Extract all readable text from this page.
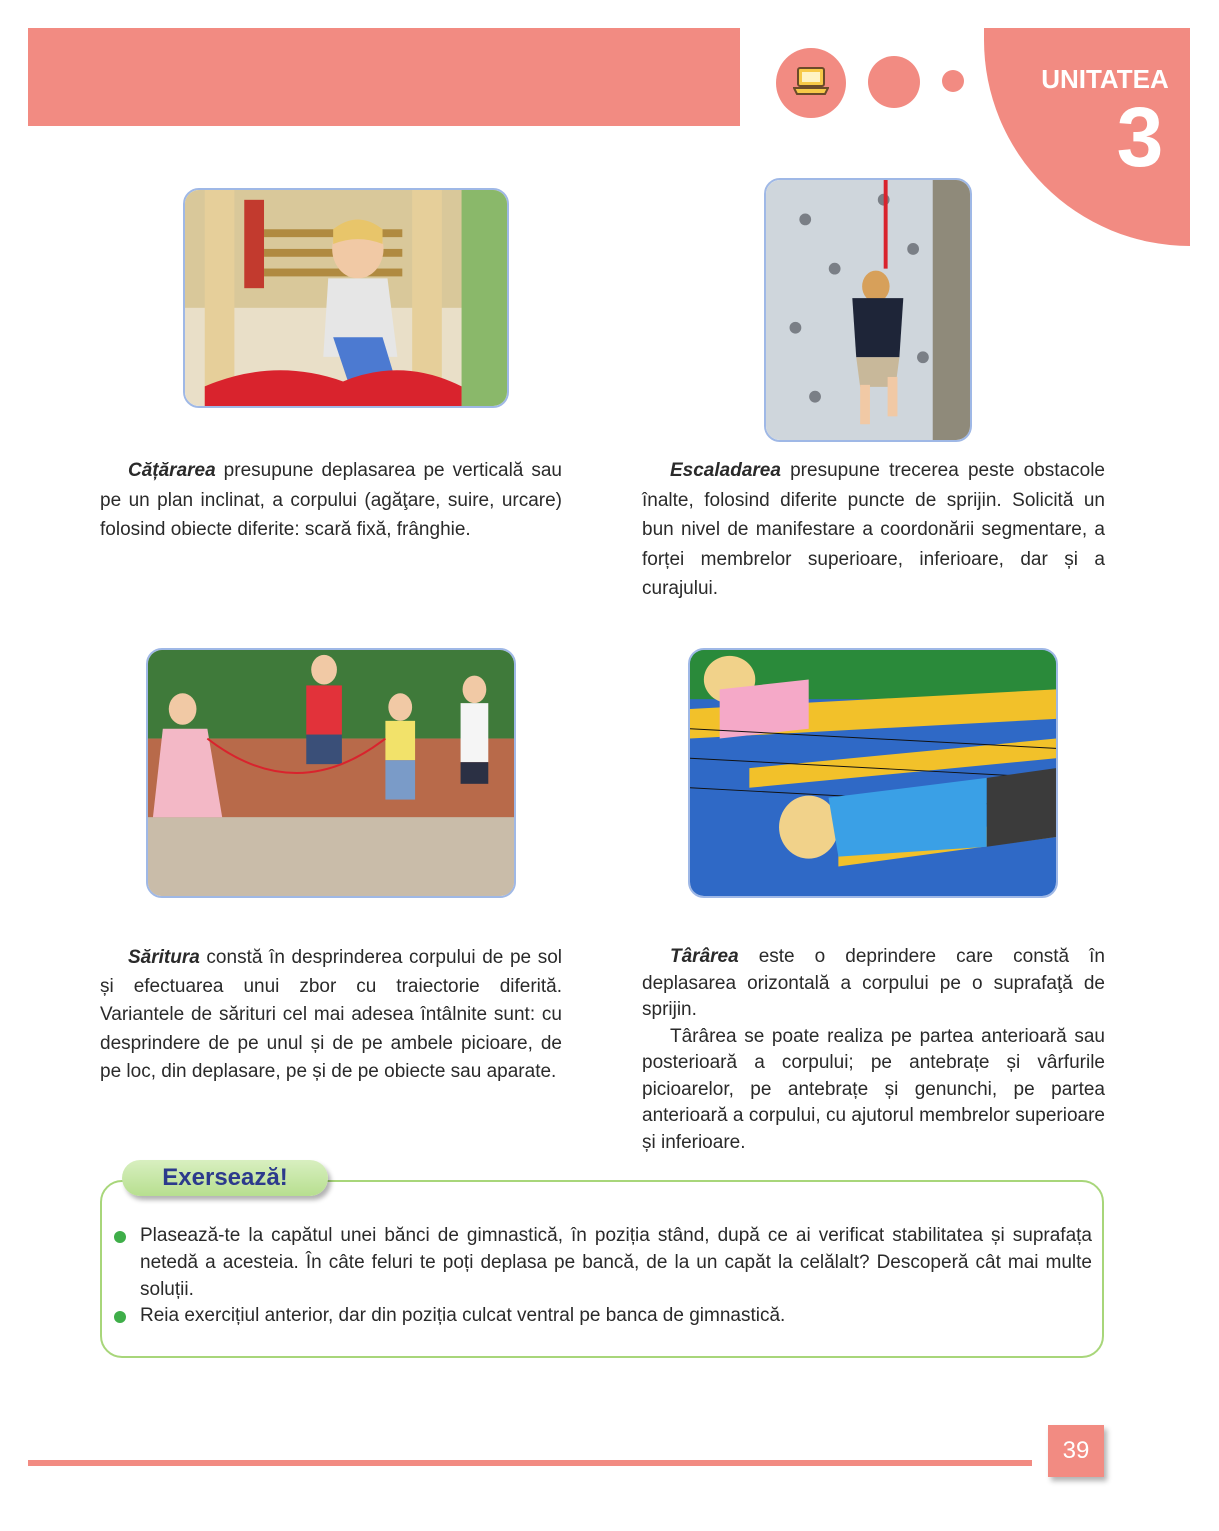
UNITATEA
3

Cățărarea presupune deplasarea pe verticală sau pe un plan inclinat, a corpului (agăţare, suire, urcare) folosind obiecte diferite: scară fixă, frânghie.

Escaladarea presupune trecerea peste obstacole înalte, folosind diferite puncte de sprijin. Solicită un bun nivel de manifestare a coordonării segmentare, a forței membrelor superioare, inferioare, dar și a curajului.

Săritura constă în desprinderea corpului de pe sol și efectuarea unui zbor cu traiectorie diferită. Variantele de sărituri cel mai adesea întâlnite sunt: cu desprindere de pe unul și de pe ambele picioare, de pe loc, din deplasare, pe și de pe obiecte sau aparate.

Târârea este o deprindere care constă în deplasarea orizontală a corpului pe o suprafaţă de sprijin.

Târârea se poate realiza pe partea anterioară sau posterioară a corpului; pe antebrațe și vârfurile picioarelor, pe antebrațe și genunchi, pe partea anterioară a corpului, cu ajutorul membrelor superioare și inferioare.

Exersează!
Plasează-te la capătul unei bănci de gimnastică, în poziția stând, după ce ai verificat stabilitatea și suprafața netedă a acesteia. În câte feluri te poți deplasa pe bancă, de la un capăt la celălalt? Descoperă cât mai multe soluții.
Reia exercițiul anterior, dar din poziția culcat ventral pe banca de gimnastică.
39
